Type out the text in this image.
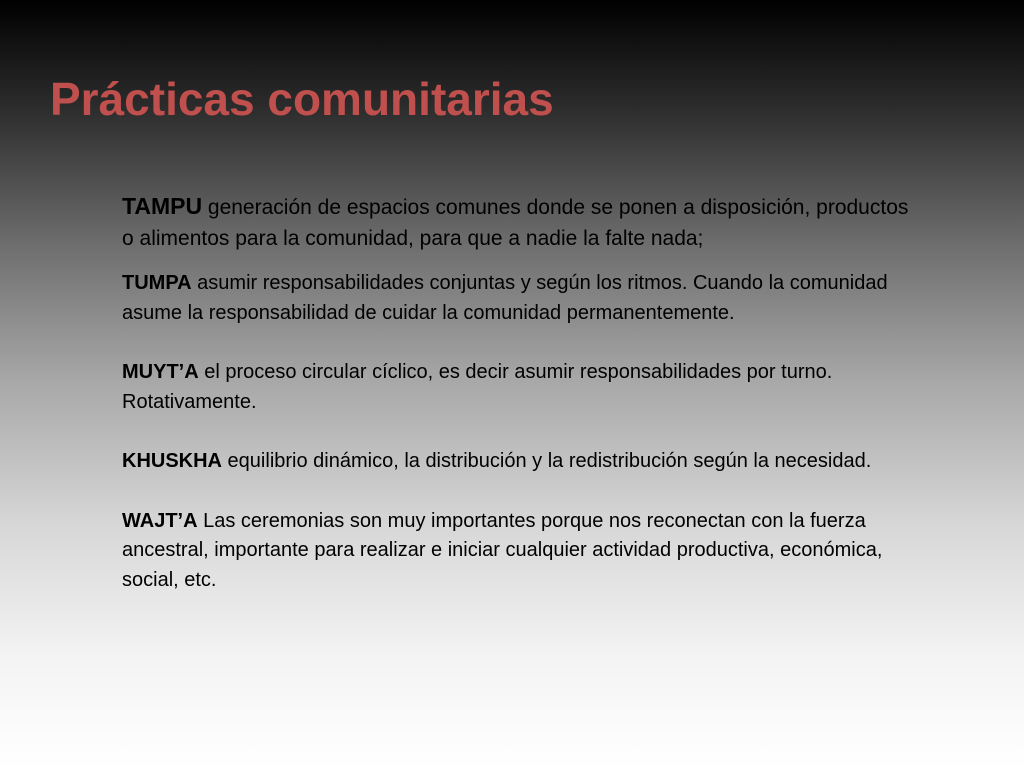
Prácticas comunitarias

TAMPU generación de espacios comunes donde se ponen a disposición, productos o alimentos para la comunidad, para que a nadie la falte nada;

TUMPA asumir responsabilidades conjuntas y según los ritmos. Cuando la comunidad asume la responsabilidad de cuidar la comunidad permanentemente.

MUYT’A el proceso circular cíclico, es decir asumir responsabilidades por turno. Rotativamente.

KHUSKHA equilibrio dinámico, la distribución y la redistribución según la necesidad.

WAJT’A Las ceremonias son muy importantes porque nos reconectan con la fuerza ancestral, importante para realizar e iniciar cualquier actividad productiva, económica, social, etc.
